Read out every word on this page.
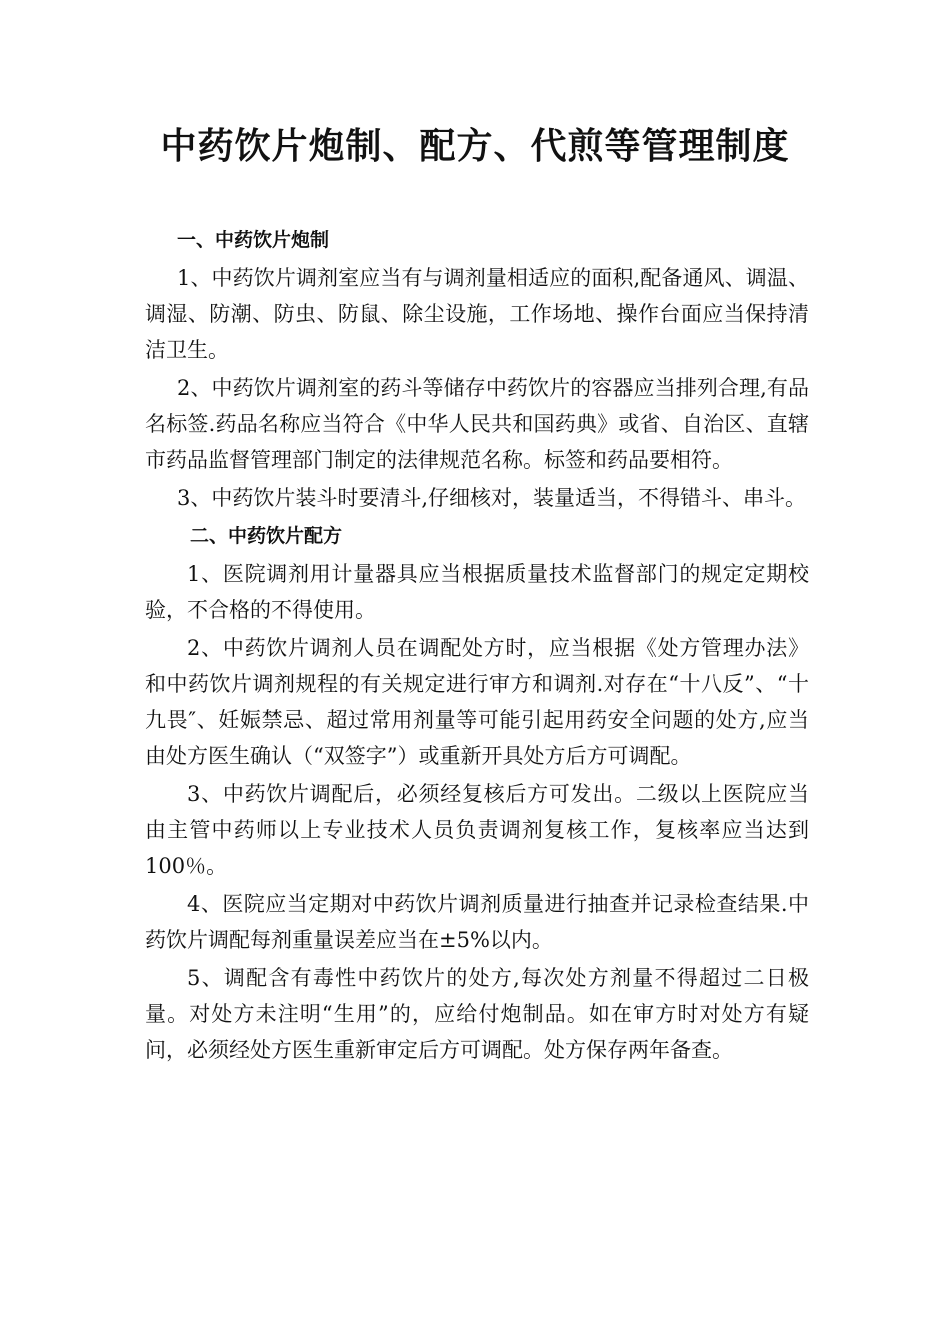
中药饮片炮制、配方、代煎等管理制度
一、中药饮片炮制

1、中药饮片调剂室应当有与调剂量相适应的面积,配备通风、调温、调湿、防潮、防虫、防鼠、除尘设施，工作场地、操作台面应当保持清洁卫生。

2、中药饮片调剂室的药斗等储存中药饮片的容器应当排列合理,有品名标签.药品名称应当符合《中华人民共和国药典》或省、自治区、直辖市药品监督管理部门制定的法律规范名称。标签和药品要相符。

3、中药饮片装斗时要清斗,仔细核对，装量适当，不得错斗、串斗。

二、中药饮片配方

1、医院调剂用计量器具应当根据质量技术监督部门的规定定期校验，不合格的不得使用。

2、中药饮片调剂人员在调配处方时，应当根据《处方管理办法》和中药饮片调剂规程的有关规定进行审方和调剂.对存在“十八反”、“十九畏″、妊娠禁忌、超过常用剂量等可能引起用药安全问题的处方,应当由处方医生确认（“双签字”）或重新开具处方后方可调配。

3、中药饮片调配后，必须经复核后方可发出。二级以上医院应当由主管中药师以上专业技术人员负责调剂复核工作，复核率应当达到100％。

4、医院应当定期对中药饮片调剂质量进行抽查并记录检查结果.中药饮片调配每剂重量误差应当在±5%以内。

5、调配含有毒性中药饮片的处方,每次处方剂量不得超过二日极量。对处方未注明“生用”的，应给付炮制品。如在审方时对处方有疑问，必须经处方医生重新审定后方可调配。处方保存两年备查。
